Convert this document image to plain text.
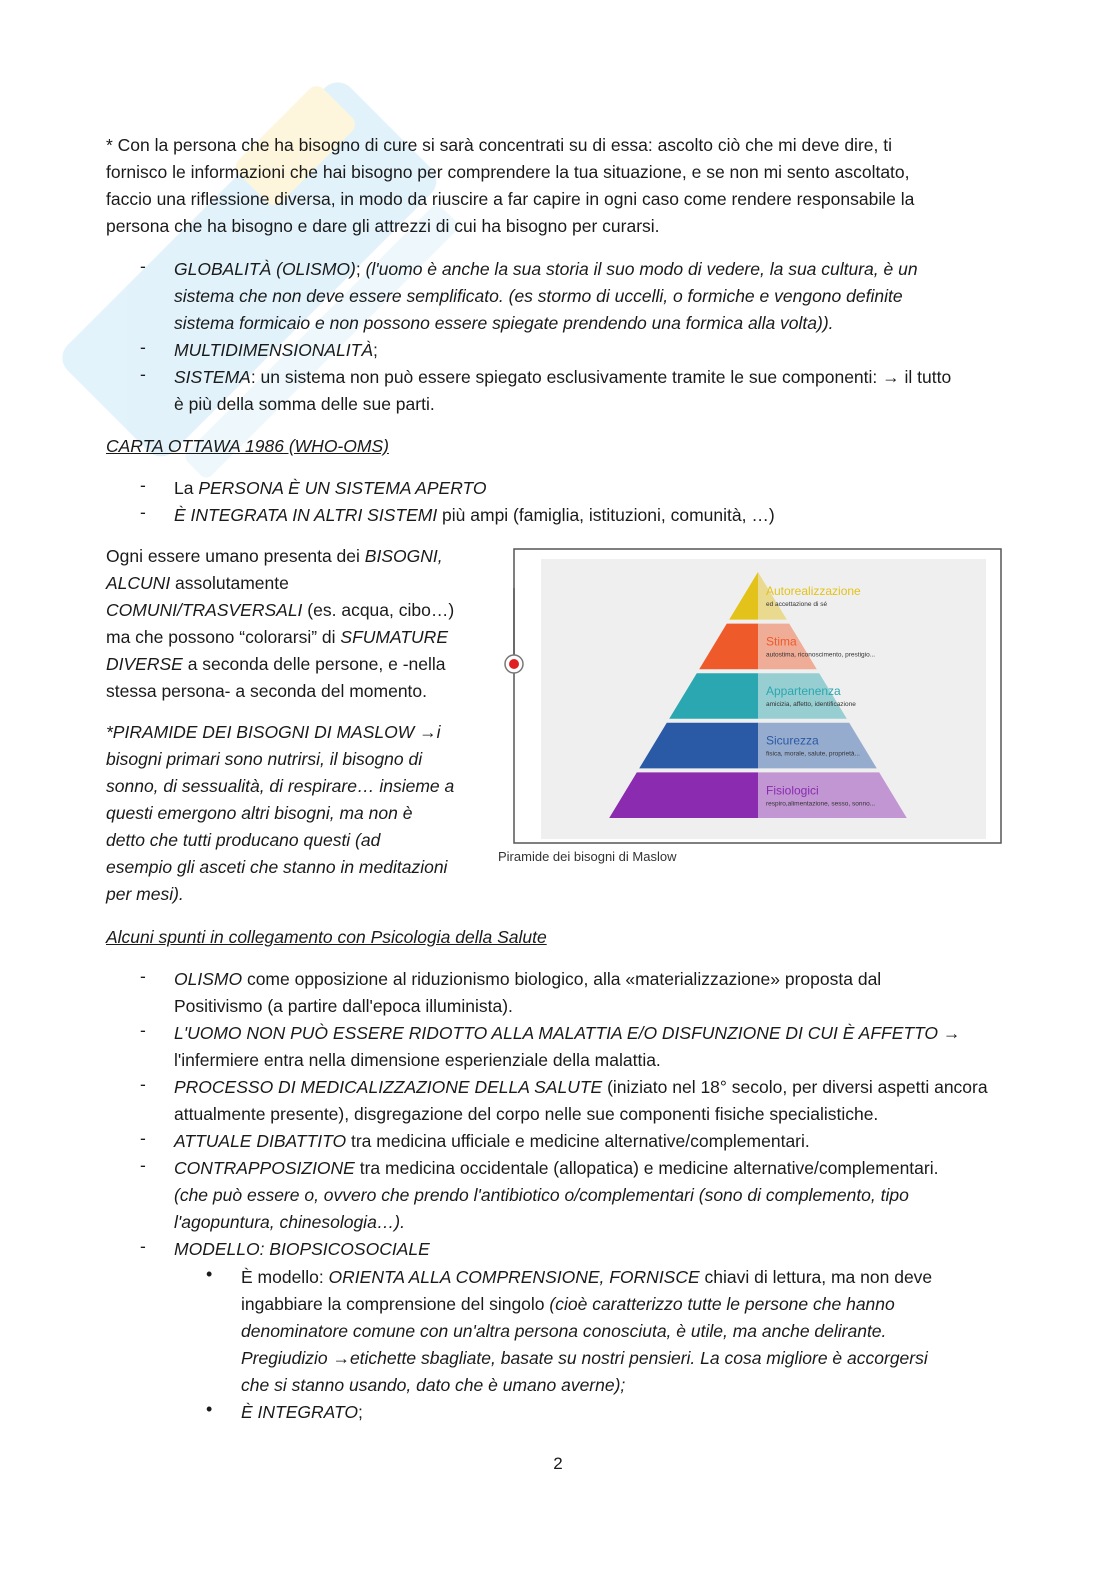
* Con la persona che ha bisogno di cure si sarà concentrati su di essa: ascolto ciò che mi deve dire, ti

fornisco le informazioni che hai bisogno per comprendere la tua situazione, e se non mi sento ascoltato,

faccio una riflessione diversa, in modo da riuscire a far capire in ogni caso come rendere responsabile la

persona che ha bisogno e dare gli attrezzi di cui ha bisogno per curarsi.

- GLOBALITÀ (OLISMO); (l'uomo è anche la sua storia il suo modo di vedere, la sua cultura, è un

sistema che non deve essere semplificato. (es stormo di uccelli, o formiche e vengono definite

sistema formicaio e non possono essere spiegate prendendo una formica alla volta)).

- MULTIDIMENSIONALITÀ;

- SISTEMA: un sistema non può essere spiegato esclusivamente tramite le sue componenti: → il tutto

è più della somma delle sue parti.

CARTA OTTAWA 1986 (WHO-OMS)

- La PERSONA È UN SISTEMA APERTO

- È INTEGRATA IN ALTRI SISTEMI più ampi (famiglia, istituzioni, comunità, …)

Ogni essere umano presenta dei BISOGNI,

ALCUNI assolutamente

COMUNI/TRASVERSALI (es. acqua, cibo…)

ma che possono “colorarsi” di SFUMATURE

DIVERSE a seconda delle persone, e -nella

stessa persona- a seconda del momento.

*PIRAMIDE DEI BISOGNI DI MASLOW →i

bisogni primari sono nutrirsi, il bisogno di

sonno, di sessualità, di respirare… insieme a

questi emergono altri bisogni, ma non è

detto che tutti producano questi (ad

esempio gli asceti che stanno in meditazioni

per mesi).

Autorealizzazione
ed accettazione di sé
Stima
autostima, riconoscimento, prestigio...
Appartenenza
amicizia, affetto, identificazione
Sicurezza
fisica, morale, salute, proprietà...
Fisiologici
respiro,alimentazione, sesso, sonno...
Piramide dei bisogni di Maslow

Alcuni spunti in collegamento con Psicologia della Salute

- OLISMO come opposizione al riduzionismo biologico, alla «materializzazione» proposta dal

Positivismo (a partire dall'epoca illuminista).

- L'UOMO NON PUÒ ESSERE RIDOTTO ALLA MALATTIA E/O DISFUNZIONE DI CUI È AFFETTO →

l'infermiere entra nella dimensione esperienziale della malattia.

- PROCESSO DI MEDICALIZZAZIONE DELLA SALUTE (iniziato nel 18° secolo, per diversi aspetti ancora

attualmente presente), disgregazione del corpo nelle sue componenti fisiche specialistiche.

- ATTUALE DIBATTITO tra medicina ufficiale e medicine alternative/complementari.

- CONTRAPPOSIZIONE tra medicina occidentale (allopatica) e medicine alternative/complementari.

(che può essere o, ovvero che prendo l'antibiotico o/complementari (sono di complemento, tipo

l'agopuntura, chinesologia…).

- MODELLO: BIOPSICOSOCIALE

• È modello: ORIENTA ALLA COMPRENSIONE, FORNISCE chiavi di lettura, ma non deve

ingabbiare la comprensione del singolo (cioè caratterizzo tutte le persone che hanno

denominatore comune con un'altra persona conosciuta, è utile, ma anche delirante.

Pregiudizio →etichette sbagliate, basate su nostri pensieri. La cosa migliore è accorgersi

che si stanno usando, dato che è umano averne);

• È INTEGRATO;

2
